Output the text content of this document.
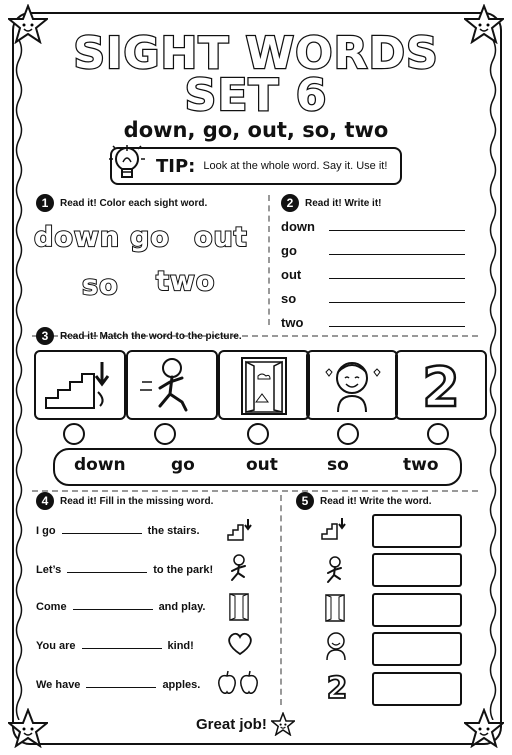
SIGHT WORDS
SET 6
down, go, out, so, two
TIP: Look at the whole word. Say it. Use it!
1	Read it! Color each sight word.
down go out
so two
2	Read it! Write it!
down
go
out
so
two
3	Read it! Match the word to the picture.
2
down	go	out	so	two
4	Read it! Fill in the missing word.
I go	the stairs.
Let’s	to the park!
Come	and play.
You are	kind!
We have	apples.
5	Read it! Write the word.
2
Great job!
